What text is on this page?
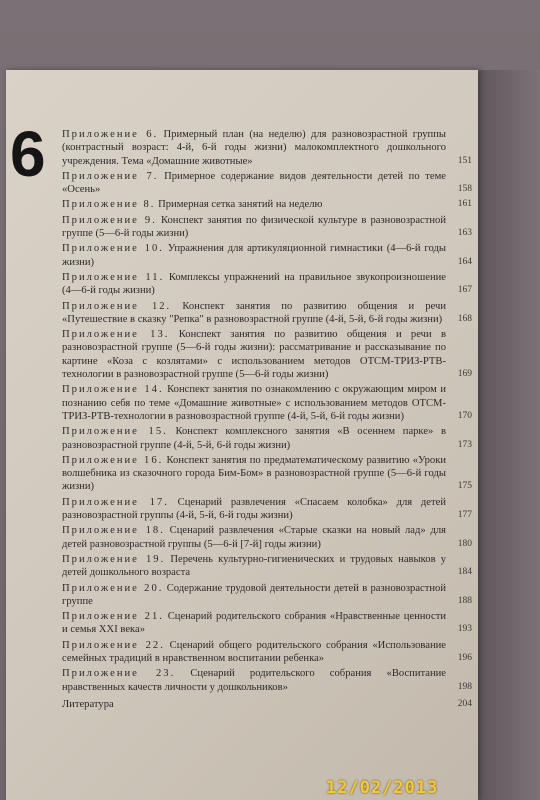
6 Приложение 6. Примерный план (на неделю) для разновозрастной группы (контрастный возраст: 4-й, 6-й годы жизни) малокомплектного дошкольного учреждения. Тема «Домашние животные»	151
Приложение 7. Примерное содержание видов деятельности детей по теме «Осень»	158
Приложение 8. Примерная сетка занятий на неделю	161
Приложение 9. Конспект занятия по физической культуре в разновозрастной группе (5—6-й годы жизни)	163
Приложение 10. Упражнения для артикуляционной гимнастики (4—6-й годы жизни)	164
Приложение 11. Комплексы упражнений на правильное звукопроизношение (4—6-й годы жизни)	167
Приложение 12. Конспект занятия по развитию общения и речи «Путешествие в сказку "Репка" в разновозрастной группе (4-й, 5-й, 6-й годы жизни)	168
Приложение 13. Конспект занятия по развитию общения и речи в разновозрастной группе (5—6-й годы жизни): рассматривание и рассказывание по картине «Коза с козлятами» с использованием методов ОТСМ-ТРИЗ-РТВ-технологии в разновозрастной группе (5—6-й годы жизни)	169
Приложение 14. Конспект занятия по ознакомлению с окружающим миром и познанию себя по теме «Домашние животные» с использованием методов ОТСМ-ТРИЗ-РТВ-технологии в разновозрастной группе (4-й, 5-й, 6-й годы жизни)	170
Приложение 15. Конспект комплексного занятия «В осеннем парке» в разновозрастной группе (4-й, 5-й, 6-й годы жизни)	173
Приложение 16. Конспект занятия по предматематическому развитию «Уроки волшебника из сказочного города Бим-Бом» в разновозрастной группе (5—6-й годы жизни)	175
Приложение 17. Сценарий развлечения «Спасаем колобка» для детей разновозрастной группы (4-й, 5-й, 6-й годы жизни)	177
Приложение 18. Сценарий развлечения «Старые сказки на новый лад» для детей разновозрастной группы (5—6-й [7-й] годы жизни)	180
Приложение 19. Перечень культурно-гигиенических и трудовых навыков у детей дошкольного возраста	184
Приложение 20. Содержание трудовой деятельности детей в разновозрастной группе	188
Приложение 21. Сценарий родительского собрания «Нравственные ценности и семья XXI века»	193
Приложение 22. Сценарий общего родительского собрания «Использование семейных традиций в нравственном воспитании ребенка»	196
Приложение 23. Сценарий родительского собрания «Воспитание нравственных качеств личности у дошкольников»	198
Литература	204
12/02/2013
